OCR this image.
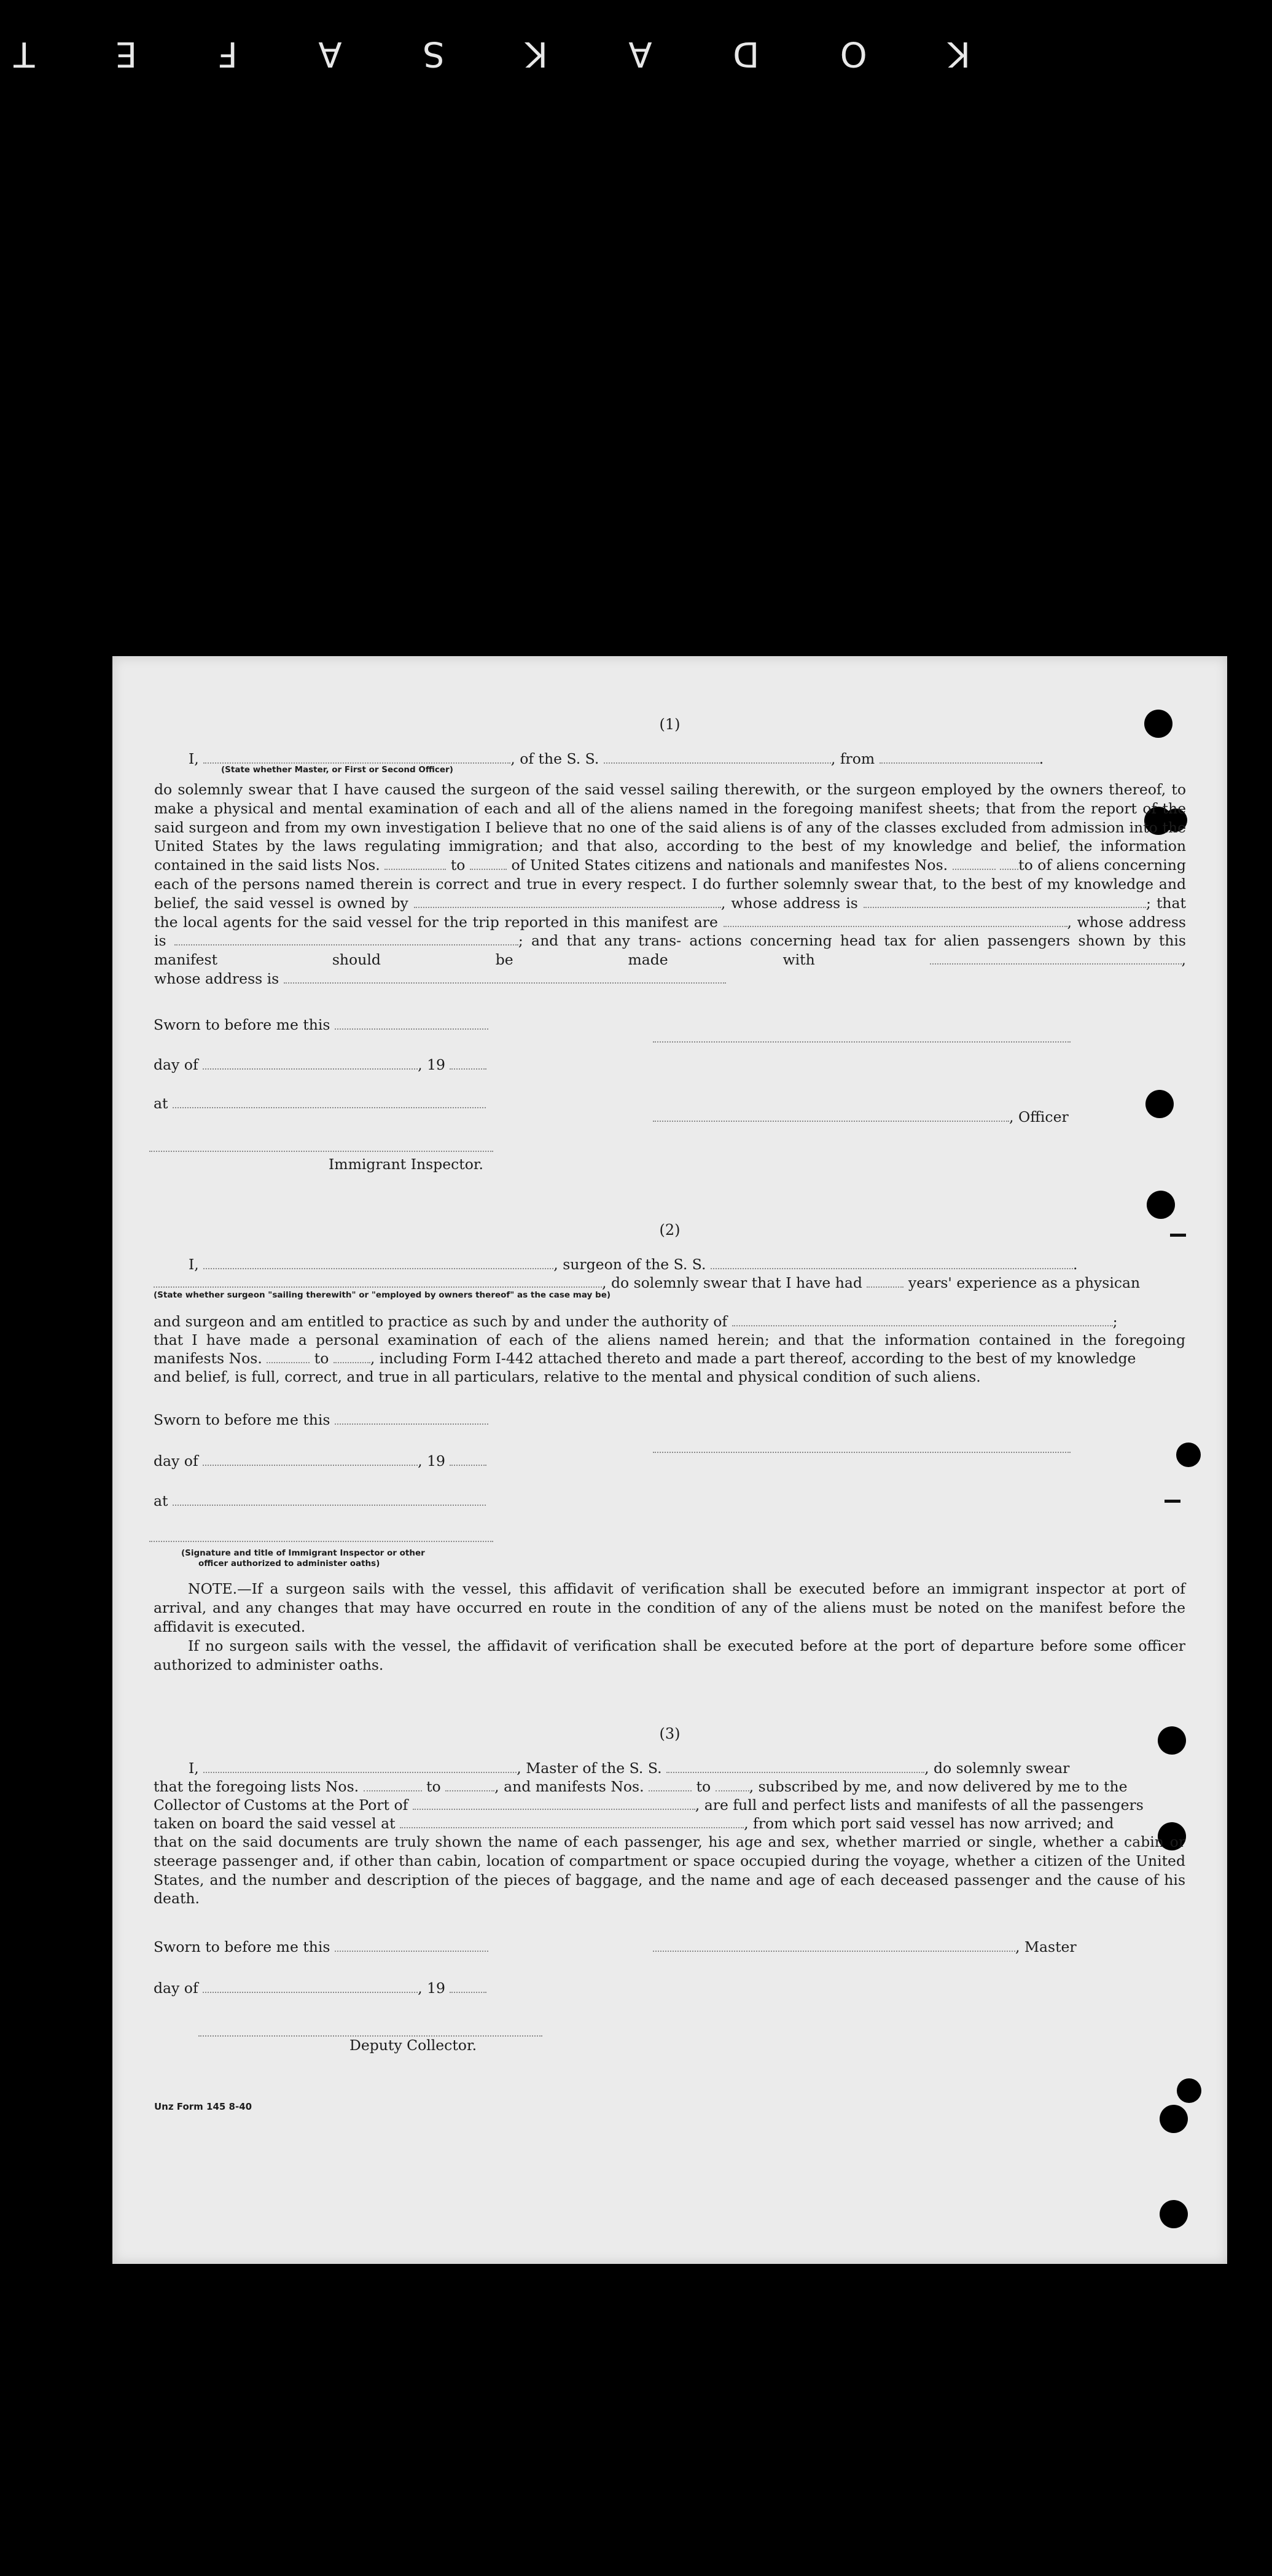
K
O
D
A
K
S
A
F
E
T
(1)
I,	, of the S. S.	, from	.
(State whether Master, or First or Second Officer)
do solemnly swear that I have caused the surgeon of the said vessel sailing therewith, or the surgeon employed by the owners thereof, to make a physical and mental examination of each and all of the aliens named in the foregoing manifest sheets; that from the report of the said surgeon and from my own investigation I believe that no one of the said aliens is of any of the classes excluded from admission into the United States by the laws regulating immigration; and that also, according to the best of my knowledge and belief, the information contained in the said lists Nos.	to	of United States citizens and nationals and manifestes Nos.	to of aliens concerning each of the persons named therein is correct and true in every respect. I do further solemnly swear that, to the best of my knowledge and belief, the said vessel is owned by	, whose address is	; that the local agents for the said vessel for the trip reported in this manifest are	, whose address is	; and that any trans- actions concerning head tax for alien passengers shown by this manifest should be made with	,
whose address is
Sworn to before me this
day of	, 19
at
, Officer
Immigrant Inspector.
(2)
I,	, surgeon of the S. S.	.
, do solemnly swear that I have had	years' experience as a physican
(State whether surgeon "sailing therewith" or "employed by owners thereof" as the case may be)
and surgeon and am entitled to practice as such by and under the authority of	;
that I have made a personal examination of each of the aliens named herein; and that the information contained in the foregoing
manifests Nos.	to	, including Form I-442 attached thereto and made a part thereof, according to the best of my knowledge
and belief, is full, correct, and true in all particulars, relative to the mental and physical condition of such aliens.
Sworn to before me this
day of	, 19
at
(Signature and title of Immigrant Inspector or other
officer authorized to administer oaths)
NOTE.—If a surgeon sails with the vessel, this affidavit of verification shall be executed before an immigrant inspector at port of arrival, and any changes that may have occurred en route in the condition of any of the aliens must be noted on the manifest before the affidavit is executed.
If no surgeon sails with the vessel, the affidavit of verification shall be executed before at the port of departure before some officer authorized to administer oaths.
(3)
I,	, Master of the S. S.	, do solemnly swear
that the foregoing lists Nos.	to	, and manifests Nos.	to	, subscribed by me, and now delivered by me to the
Collector of Customs at the Port of	, are full and perfect lists and manifests of all the passengers
taken on board the said vessel at	, from which port said vessel has now arrived; and
that on the said documents are truly shown the name of each passenger, his age and sex, whether married or single, whether a cabin or steerage passenger and, if other than cabin, location of compartment or space occupied during the voyage, whether a citizen of the United States, and the number and description of the pieces of baggage, and the name and age of each deceased passenger and the cause of his death.
Sworn to before me this	, Master
day of	, 19
Deputy Collector.
Unz Form 145 8-40
